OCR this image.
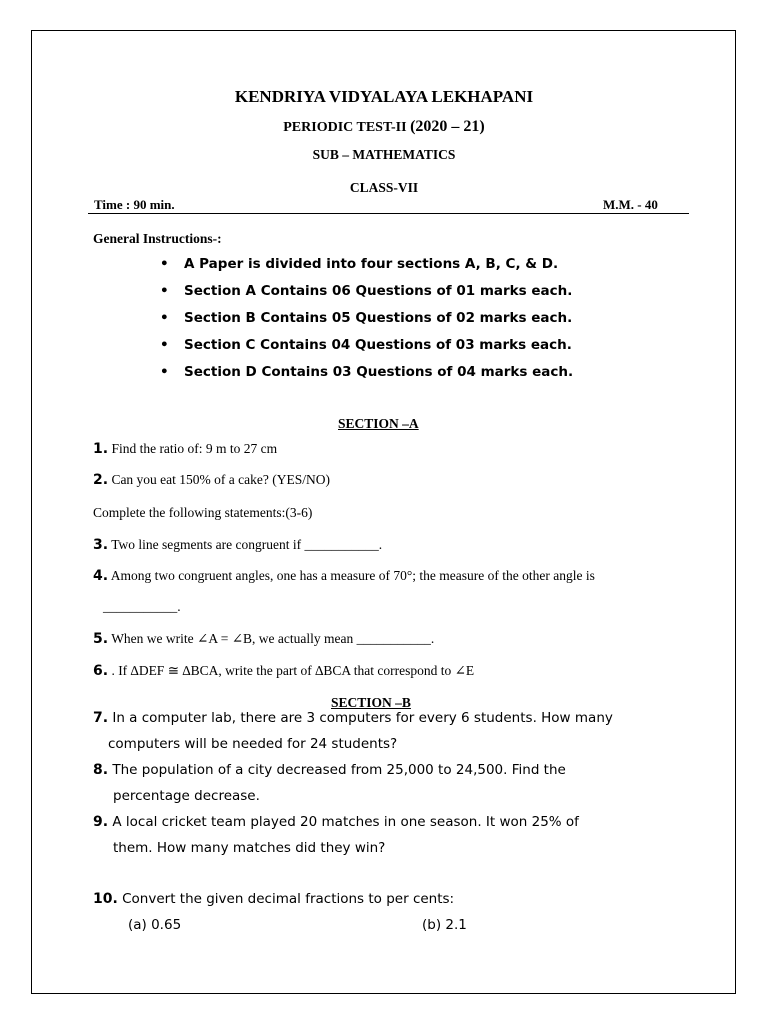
KENDRIYA VIDYALAYA LEKHAPANI
PERIODIC TEST-II (2020 – 21)
SUB – MATHEMATICS
CLASS-VII
Time : 90 min.	M.M. - 40
General Instructions-:
• A Paper is divided into four sections A, B, C, & D.
• Section A Contains 06 Questions of 01 marks each.
• Section B Contains 05 Questions of 02 marks each.
• Section C Contains 04 Questions of 03 marks each.
• Section D Contains 03 Questions of 04 marks each.
SECTION –A
1. Find the ratio of: 9 m to 27 cm
2. Can you eat 150% of a cake? (YES/NO)
Complete the following statements:(3-6)
3. Two line segments are congruent if ___________.
4. Among two congruent angles, one has a measure of 70°; the measure of the other angle is
___________.
5. When we write ∠A = ∠B, we actually mean ___________.
6. . If ∆DEF ≅ ∆BCA, write the part of ∆BCA that correspond to ∠E
SECTION –B
7. In a computer lab, there are 3 computers for every 6 students. How many
computers will be needed for 24 students?
8. The population of a city decreased from 25,000 to 24,500. Find the
percentage decrease.
9. A local cricket team played 20 matches in one season. It won 25% of
them. How many matches did they win?
10. Convert the given decimal fractions to per cents:
(a) 0.65	(b) 2.1
